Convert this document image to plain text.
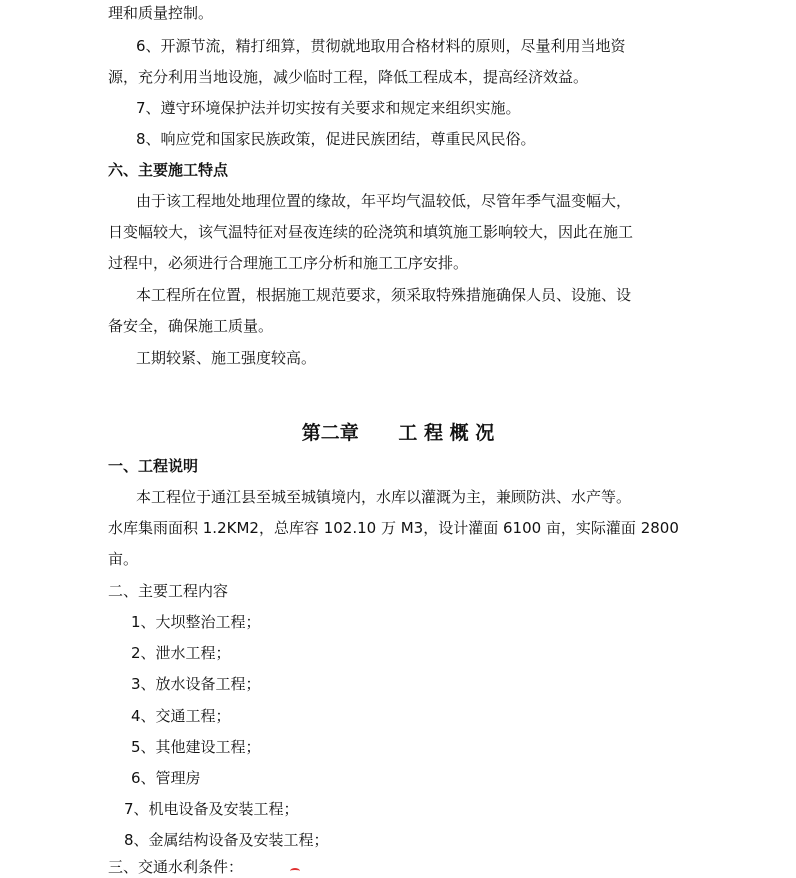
理和质量控制。
6、开源节流，精打细算，贯彻就地取用合格材料的原则，尽量利用当地资
源，充分利用当地设施，减少临时工程，降低工程成本，提高经济效益。
7、遵守环境保护法并切实按有关要求和规定来组织实施。
8、响应党和国家民族政策，促进民族团结，尊重民风民俗。
六、主要施工特点
由于该工程地处地理位置的缘故，年平均气温较低，尽管年季气温变幅大，
日变幅较大，该气温特征对昼夜连续的砼浇筑和填筑施工影响较大，因此在施工
过程中，必须进行合理施工工序分析和施工工序安排。
本工程所在位置，根据施工规范要求，须采取特殊措施确保人员、设施、设
备安全，确保施工质量。
工期较紧、施工强度较高。
第二章      工 程 概 况
一、工程说明
本工程位于通江县至城至城镇境内，水库以灌溉为主，兼顾防洪、水产等。
水库集雨面积 1.2KM2，总库容 102.10 万 M3，设计灌面 6100 亩，实际灌面 2800
亩。
二、主要工程内容
1、大坝整治工程；
2、泄水工程；
3、放水设备工程；
4、交通工程；
5、其他建设工程；
6、管理房
7、机电设备及安装工程；
8、金属结构设备及安装工程；
三、交通水利条件：
